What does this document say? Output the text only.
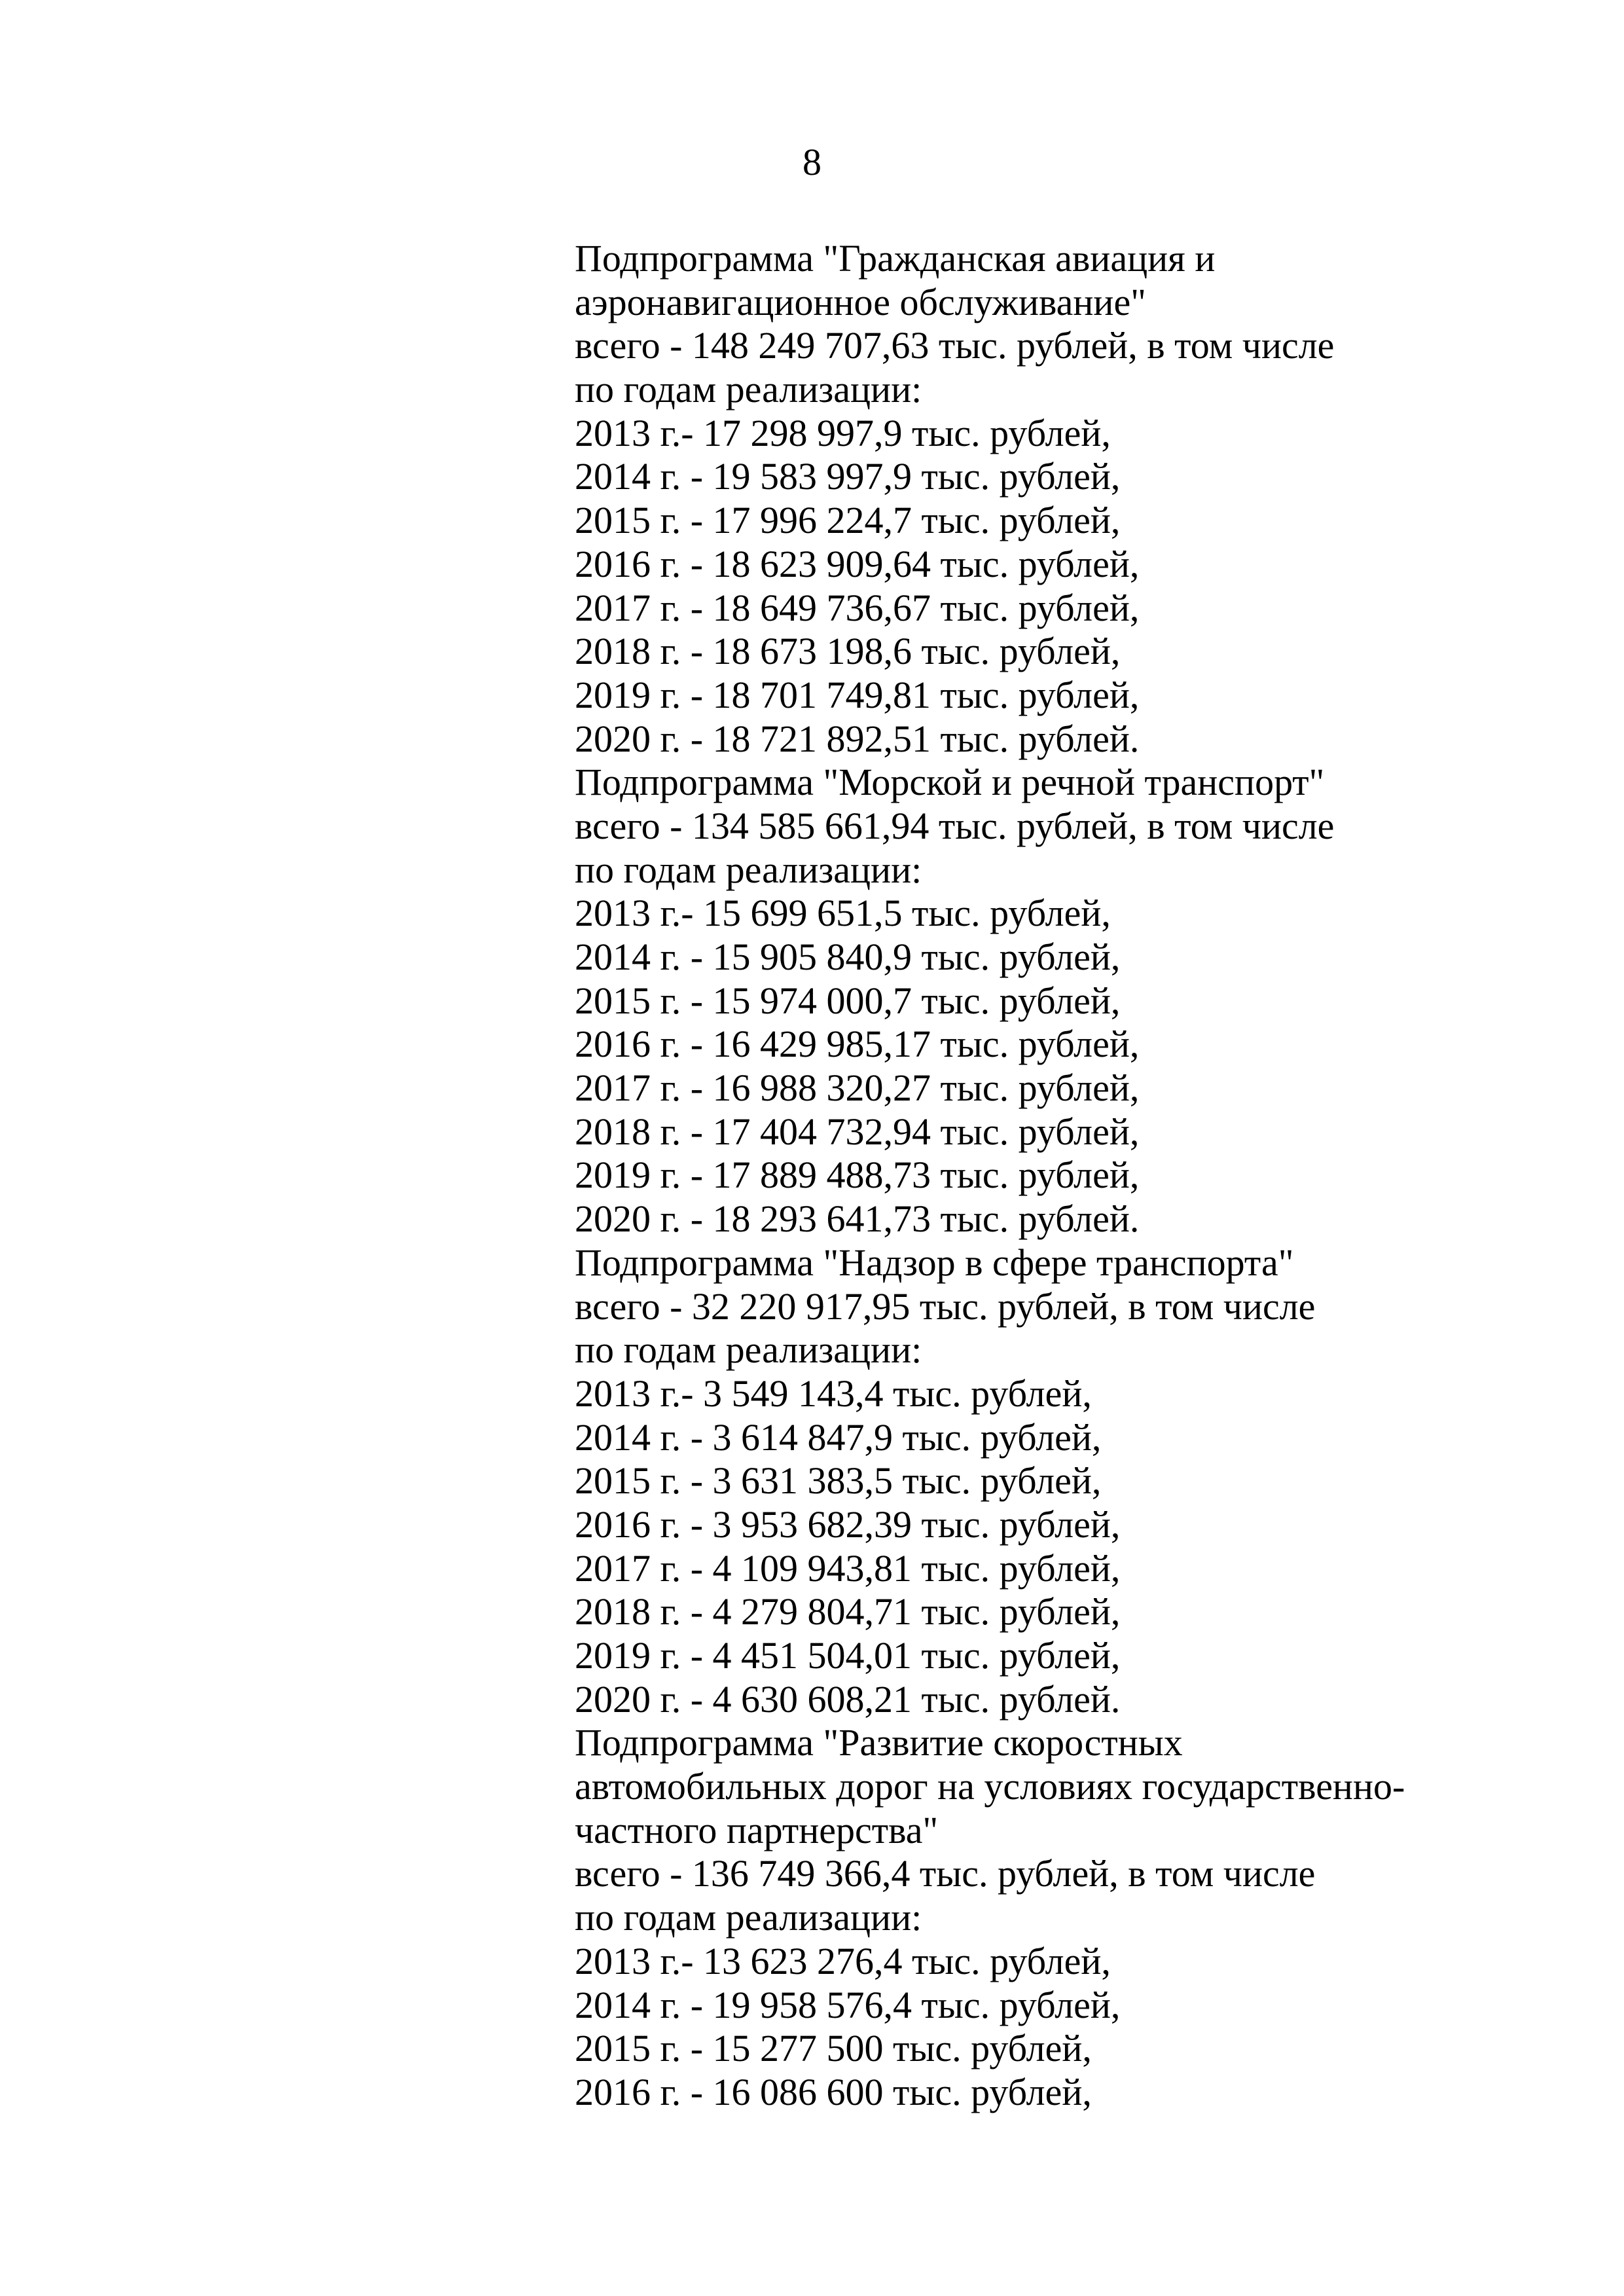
8
Подпрограмма "Гражданская авиация и
аэронавигационное обслуживание"
всего - 148 249 707,63 тыс. рублей, в том числе
по годам реализации:
2013 г.- 17 298 997,9 тыс. рублей,
2014 г. - 19 583 997,9 тыс. рублей,
2015 г. - 17 996 224,7 тыс. рублей,
2016 г. - 18 623 909,64 тыс. рублей,
2017 г. - 18 649 736,67 тыс. рублей,
2018 г. - 18 673 198,6 тыс. рублей,
2019 г. - 18 701 749,81 тыс. рублей,
2020 г. - 18 721 892,51 тыс. рублей.
Подпрограмма "Морской и речной транспорт"
всего - 134 585 661,94 тыс. рублей, в том числе
по годам реализации:
2013 г.- 15 699 651,5 тыс. рублей,
2014 г. - 15 905 840,9 тыс. рублей,
2015 г. - 15 974 000,7 тыс. рублей,
2016 г. - 16 429 985,17 тыс. рублей,
2017 г. - 16 988 320,27 тыс. рублей,
2018 г. - 17 404 732,94 тыс. рублей,
2019 г. - 17 889 488,73 тыс. рублей,
2020 г. - 18 293 641,73 тыс. рублей.
Подпрограмма "Надзор в сфере транспорта"
всего - 32 220 917,95 тыс. рублей, в том числе
по годам реализации:
2013 г.- 3 549 143,4 тыс. рублей,
2014 г. - 3 614 847,9 тыс. рублей,
2015 г. - 3 631 383,5 тыс. рублей,
2016 г. - 3 953 682,39 тыс. рублей,
2017 г. - 4 109 943,81 тыс. рублей,
2018 г. - 4 279 804,71 тыс. рублей,
2019 г. - 4 451 504,01 тыс. рублей,
2020 г. - 4 630 608,21 тыс. рублей.
Подпрограмма "Развитие скоростных
автомобильных дорог на условиях государственно-
частного партнерства"
всего - 136 749 366,4 тыс. рублей, в том числе
по годам реализации:
2013 г.- 13 623 276,4 тыс. рублей,
2014 г. - 19 958 576,4 тыс. рублей,
2015 г. - 15 277 500 тыс. рублей,
2016 г. - 16 086 600 тыс. рублей,
